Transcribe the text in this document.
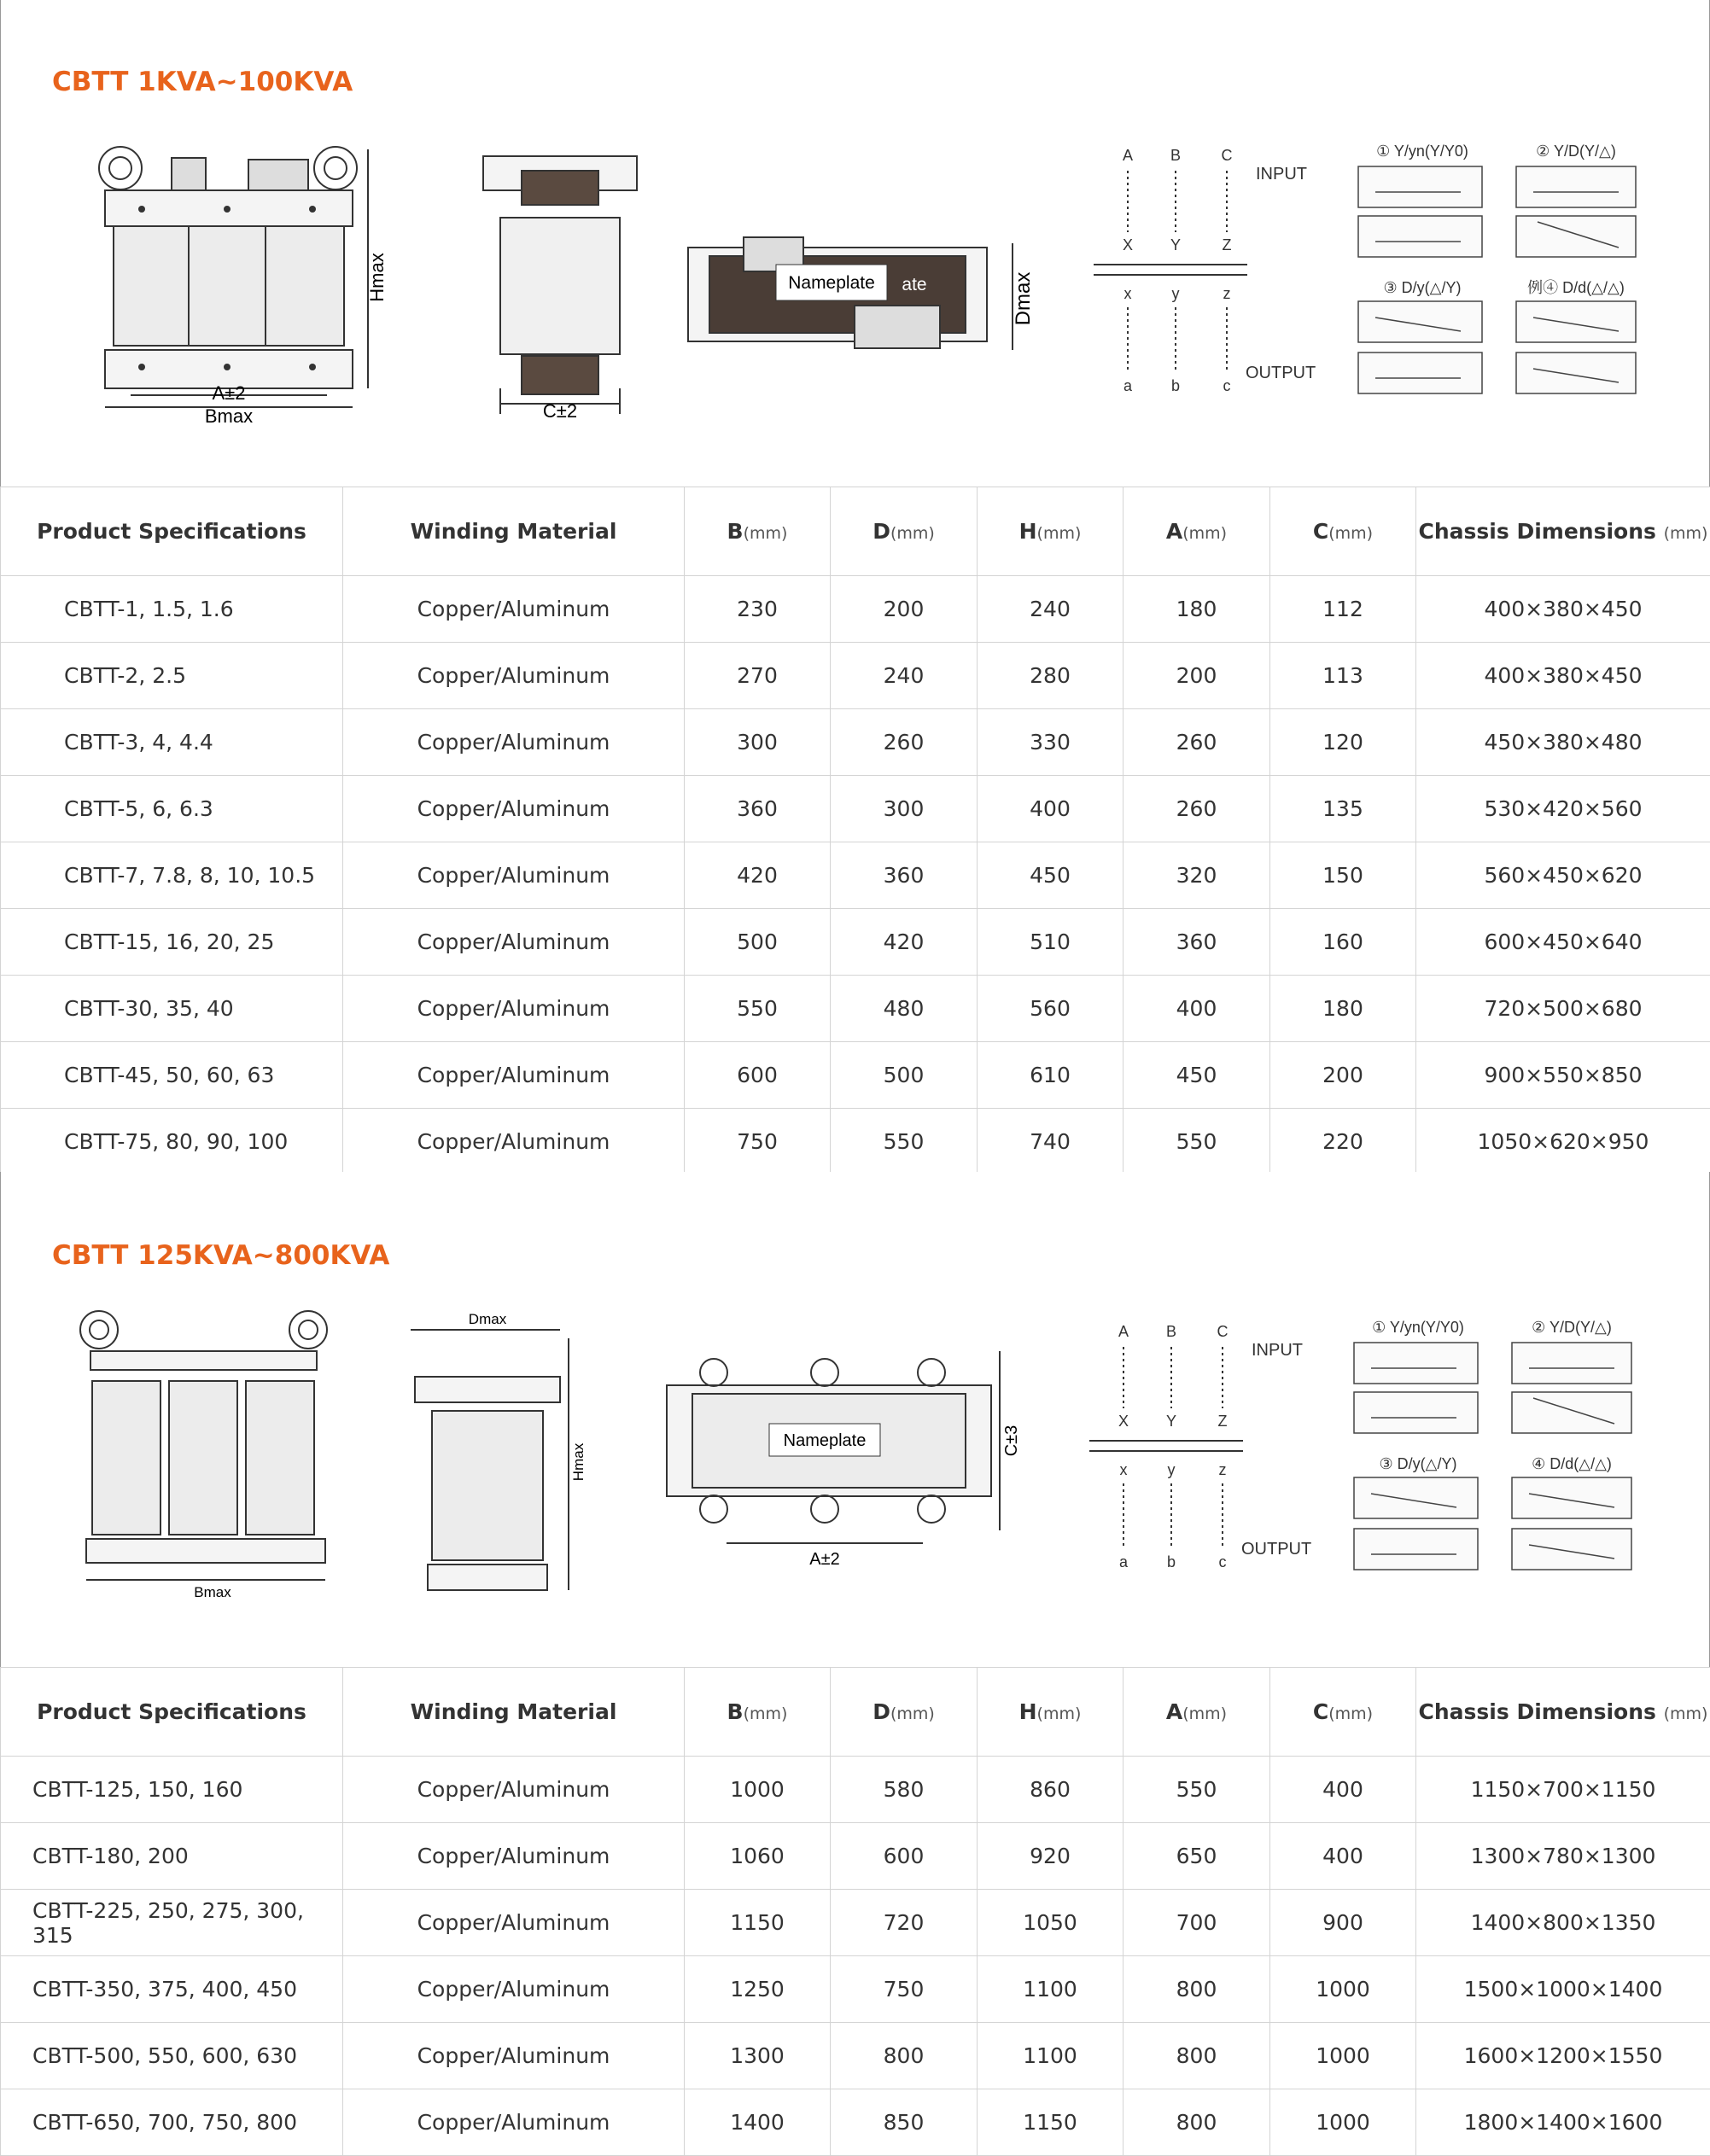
CBTT 1KVA~100KVA
Hmax
A±2
Bmax	C±2
Nameplate ate	Dmax
A B	C
X Y	Z
x	y	z
a	b	c
INPUT
OUTPUT
① Y/yn(Y/Y0)	② Y/D(Y/△)
③ D/y(△/Y)	例④ D/d(△/△)
Product Specifications	Winding Material	B(mm)	D(mm)	H(mm)	A(mm)	C(mm)	Chassis Dimensions (mm)
CBTT-1, 1.5, 1.6	Copper/Aluminum	230	200	240	180	112	400×380×450
CBTT-2, 2.5	Copper/Aluminum	270	240	280	200	113	400×380×450
CBTT-3, 4, 4.4	Copper/Aluminum	300	260	330	260	120	450×380×480
CBTT-5, 6, 6.3	Copper/Aluminum	360	300	400	260	135	530×420×560
CBTT-7, 7.8, 8, 10, 10.5	Copper/Aluminum	420	360	450	320	150	560×450×620
CBTT-15, 16, 20, 25	Copper/Aluminum	500	420	510	360	160	600×450×640
CBTT-30, 35, 40	Copper/Aluminum	550	480	560	400	180	720×500×680
CBTT-45, 50, 60, 63	Copper/Aluminum	600	500	610	450	200	900×550×850
CBTT-75, 80, 90, 100	Copper/Aluminum	750	550	740	550	220	1050×620×950
CBTT 125KVA~800KVA
Bmax
Dmax
Hmax
Nameplate	C±3
A±2
A B	C
X Y	Z
x	y	z
a	b	c
INPUT
OUTPUT
① Y/yn(Y/Y0)	② Y/D(Y/△)
③ D/y(△/Y)	④ D/d(△/△)
Product Specifications	Winding Material	B(mm)	D(mm)	H(mm)	A(mm)	C(mm)	Chassis Dimensions (mm)
CBTT-125, 150, 160	Copper/Aluminum	1000	580	860	550	400	1150×700×1150
CBTT-180, 200	Copper/Aluminum	1060	600	920	650	400	1300×780×1300
CBTT-225, 250, 275, 300, 315	Copper/Aluminum	1150	720	1050	700	900	1400×800×1350
CBTT-350, 375, 400, 450	Copper/Aluminum	1250	750	1100	800	1000	1500×1000×1400
CBTT-500, 550, 600, 630	Copper/Aluminum	1300	800	1100	800	1000	1600×1200×1550
CBTT-650, 700, 750, 800	Copper/Aluminum	1400	850	1150	800	1000	1800×1400×1600
